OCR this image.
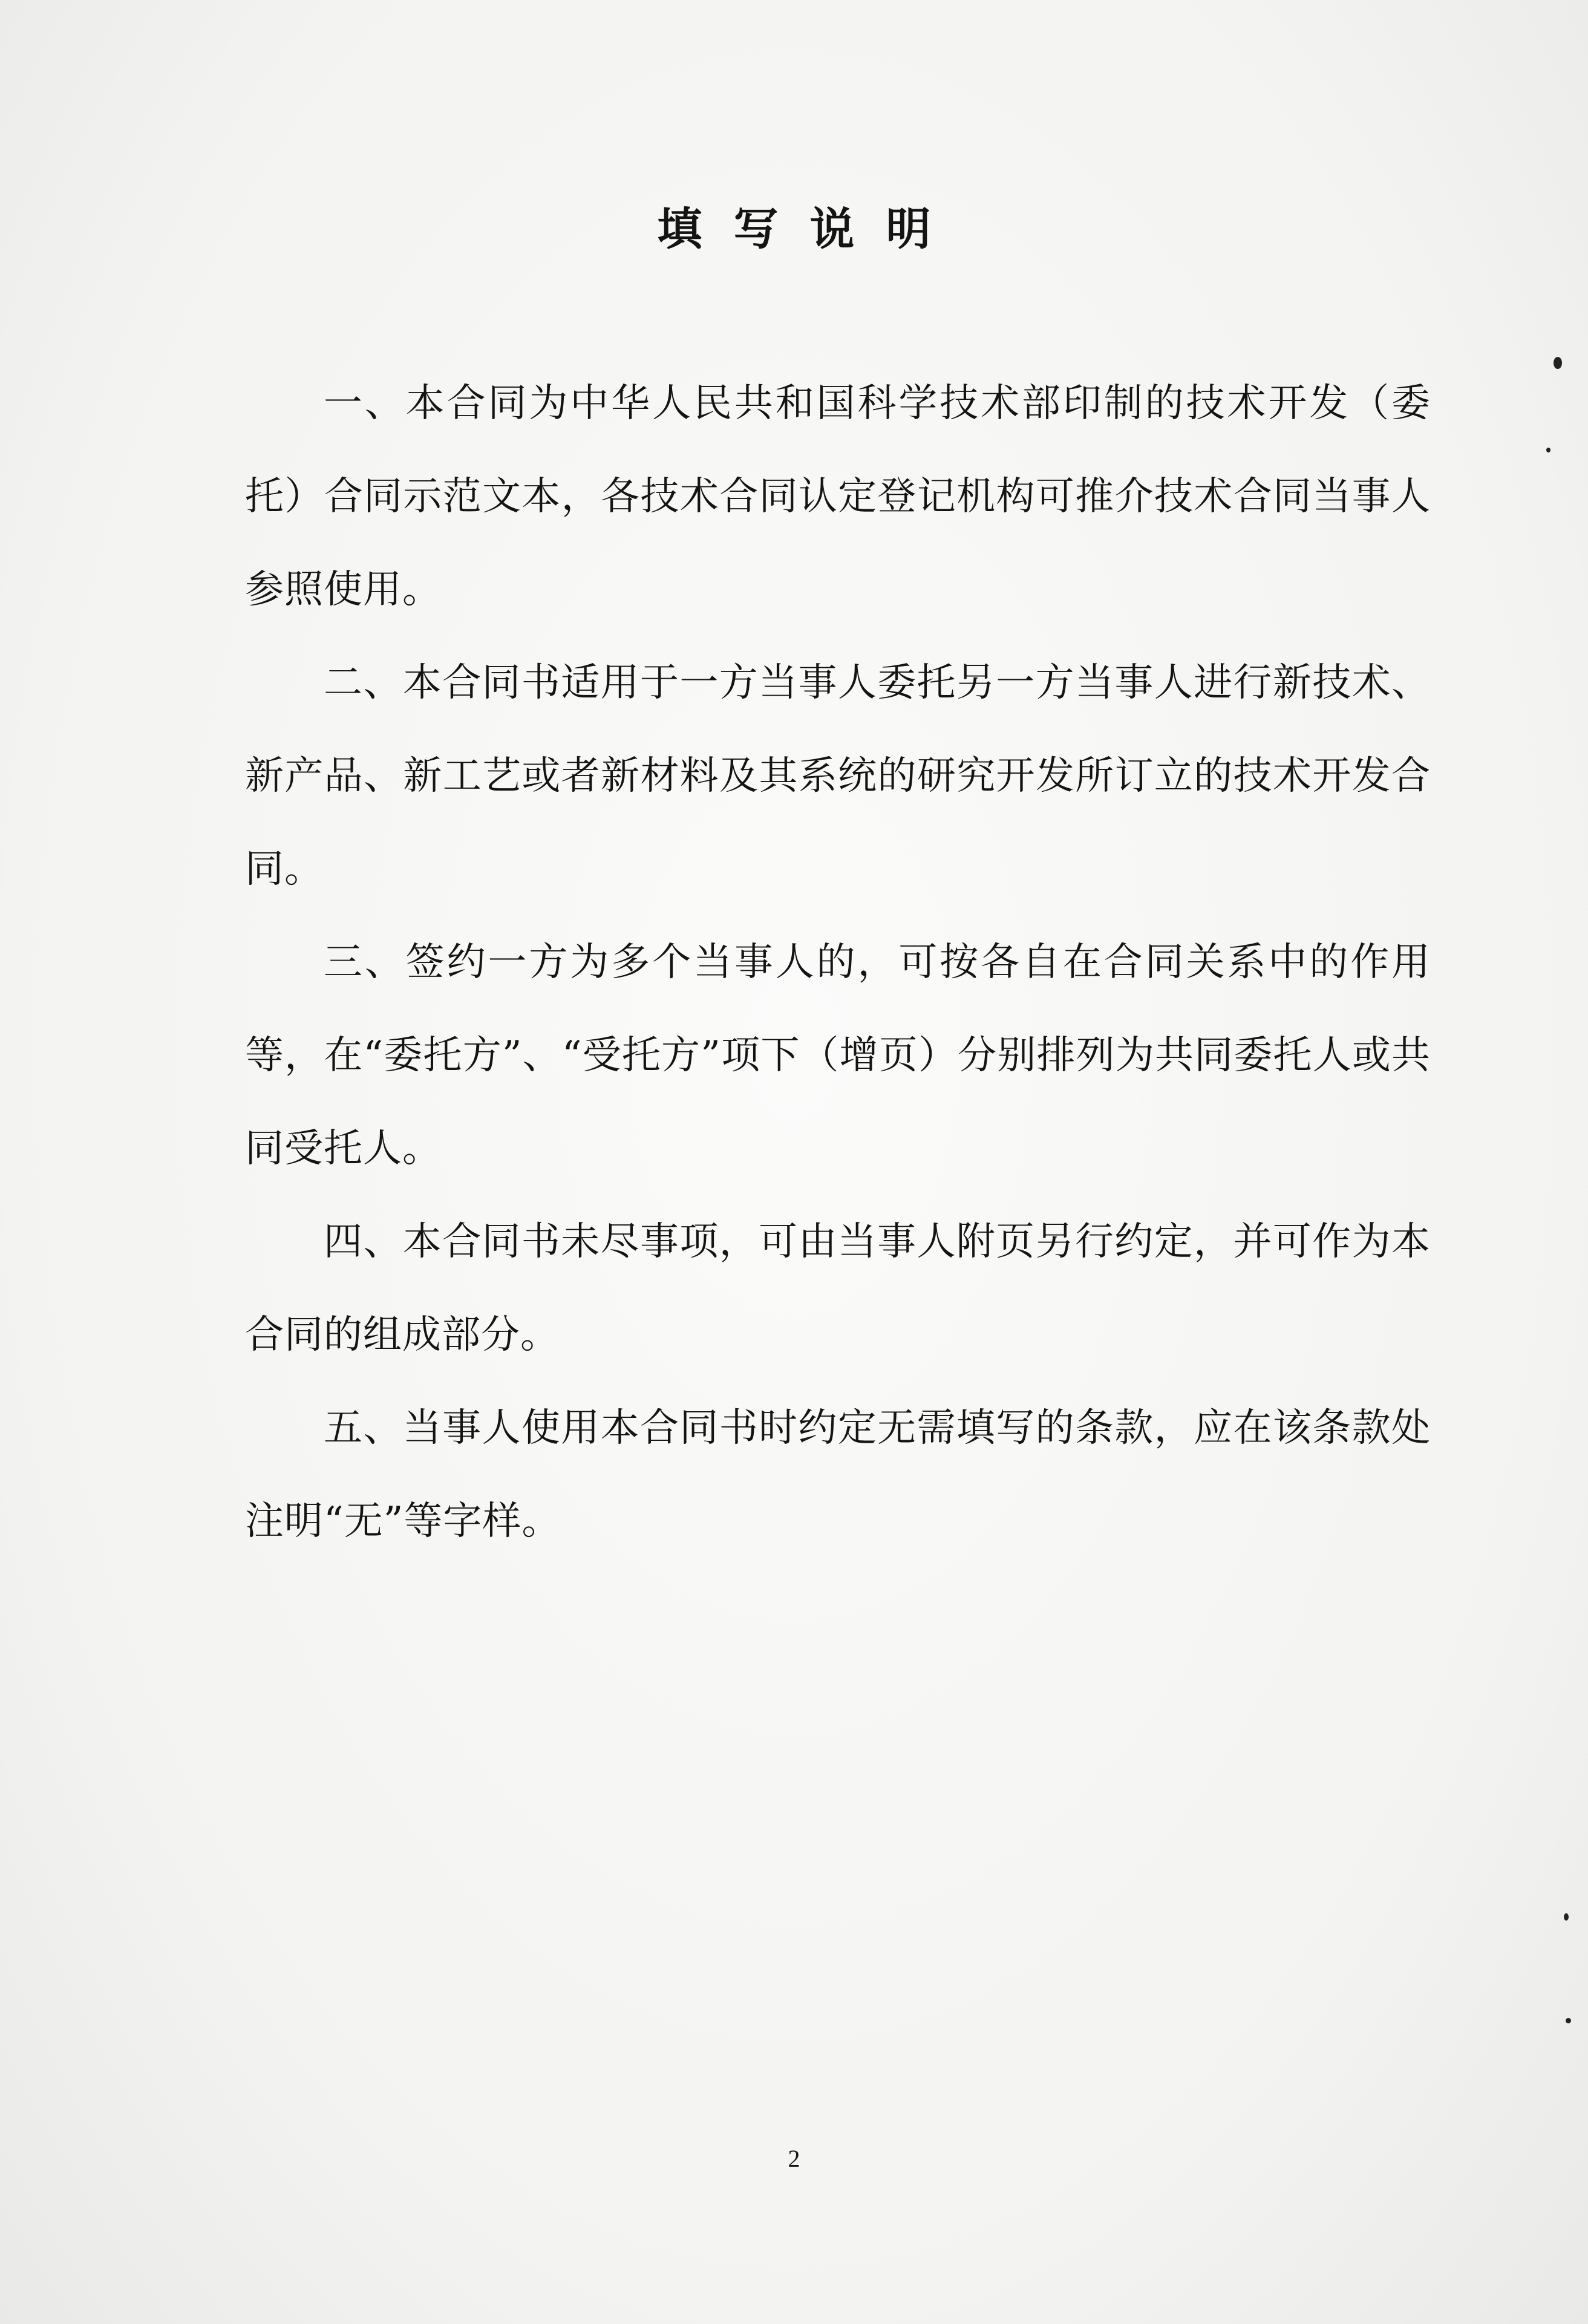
填写说明

一、本合同为中华人民共和国科学技术部印制的技术开发（委托）合同示范文本，各技术合同认定登记机构可推介技术合同当事人参照使用。

二、本合同书适用于一方当事人委托另一方当事人进行新技术、新产品、新工艺或者新材料及其系统的研究开发所订立的技术开发合同。

三、签约一方为多个当事人的，可按各自在合同关系中的作用等，在“委托方”、“受托方”项下（增页）分别排列为共同委托人或共同受托人。

四、本合同书未尽事项，可由当事人附页另行约定，并可作为本合同的组成部分。

五、当事人使用本合同书时约定无需填写的条款，应在该条款处注明“无”等字样。

2
